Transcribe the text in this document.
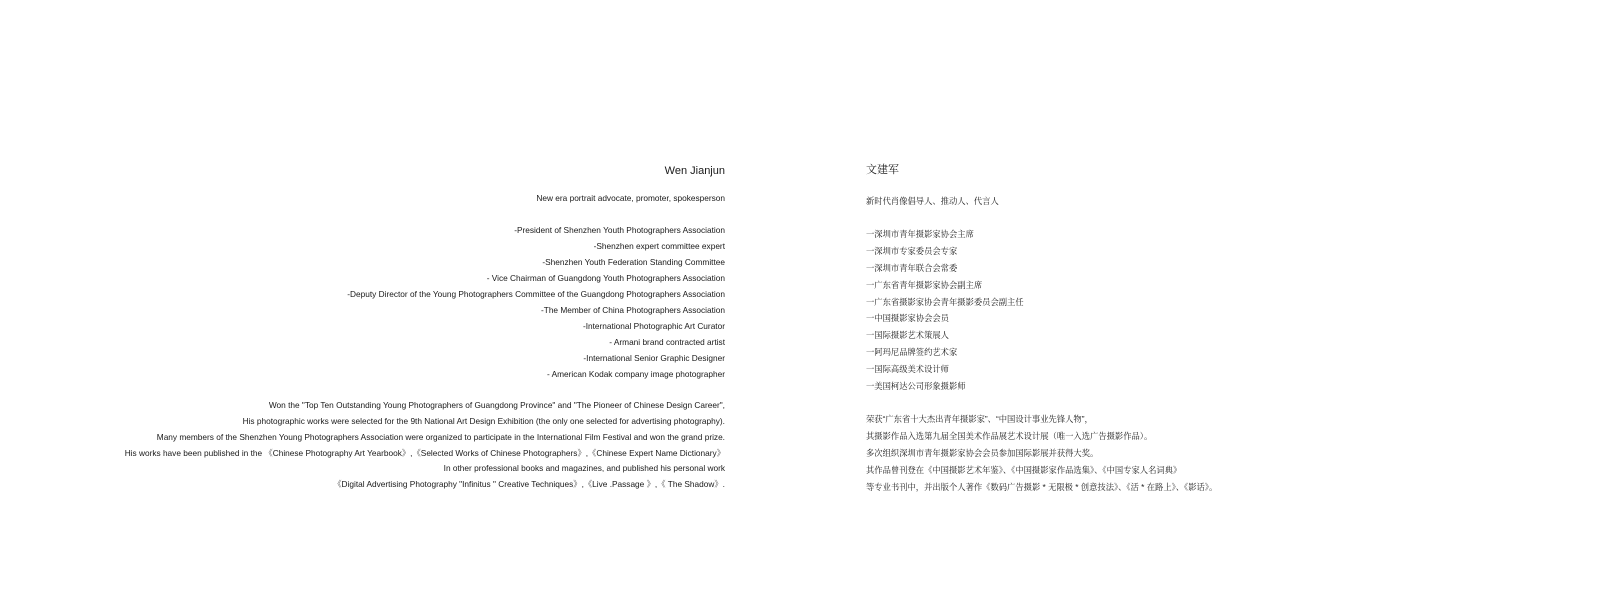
Wen Jianjun
New era portrait advocate, promoter, spokesperson
-President of Shenzhen Youth Photographers Association
-Shenzhen expert committee expert
-Shenzhen Youth Federation Standing Committee
- Vice Chairman of Guangdong Youth Photographers Association
-Deputy Director of the Young Photographers Committee of the Guangdong Photographers Association
-The Member of China Photographers Association
-International Photographic Art Curator
- Armani brand contracted artist
-International Senior Graphic Designer
- American Kodak company image photographer
Won the "Top Ten Outstanding Young Photographers of Guangdong Province" and "The Pioneer of Chinese Design Career",
His photographic works were selected for the 9th National Art Design Exhibition (the only one selected for advertising photography).
Many members of the Shenzhen Young Photographers Association were organized to participate in the International Film Festival and won the grand prize.
His works have been published in the 《Chinese Photography Art Yearbook》,《Selected Works of Chinese Photographers》,《Chinese Expert Name Dictionary》
In other professional books and magazines, and published his personal work
《Digital Advertising Photography "Infinitus " Creative Techniques》,《Live .Passage 》,《 The Shadow》.
文建军
新时代肖像倡导人、推动人、代言人
一深圳市青年摄影家协会主席
一深圳市专家委员会专家
一深圳市青年联合会常委
一广东省青年摄影家协会副主席
一广东省摄影家协会青年摄影委员会副主任
一中国摄影家协会会员
一国际摄影艺术策展人
一阿玛尼品牌签约艺术家
一国际高级美术设计师
一美国柯达公司形象摄影师
荣获“广东省十大杰出青年摄影家”、“中国设计事业先锋人物”，
其摄影作品入选第九届全国美术作品展艺术设计展（唯一入选广告摄影作品）。
多次组织深圳市青年摄影家协会会员参加国际影展并获得大奖。
其作品曾刊登在《中国摄影艺术年鉴》、《中国摄影家作品选集》、《中国专家人名词典》
等专业书刊中，并出版个人著作《数码广告摄影 * 无限极 * 创意技法》、《活 * 在路上》、《影话》。
